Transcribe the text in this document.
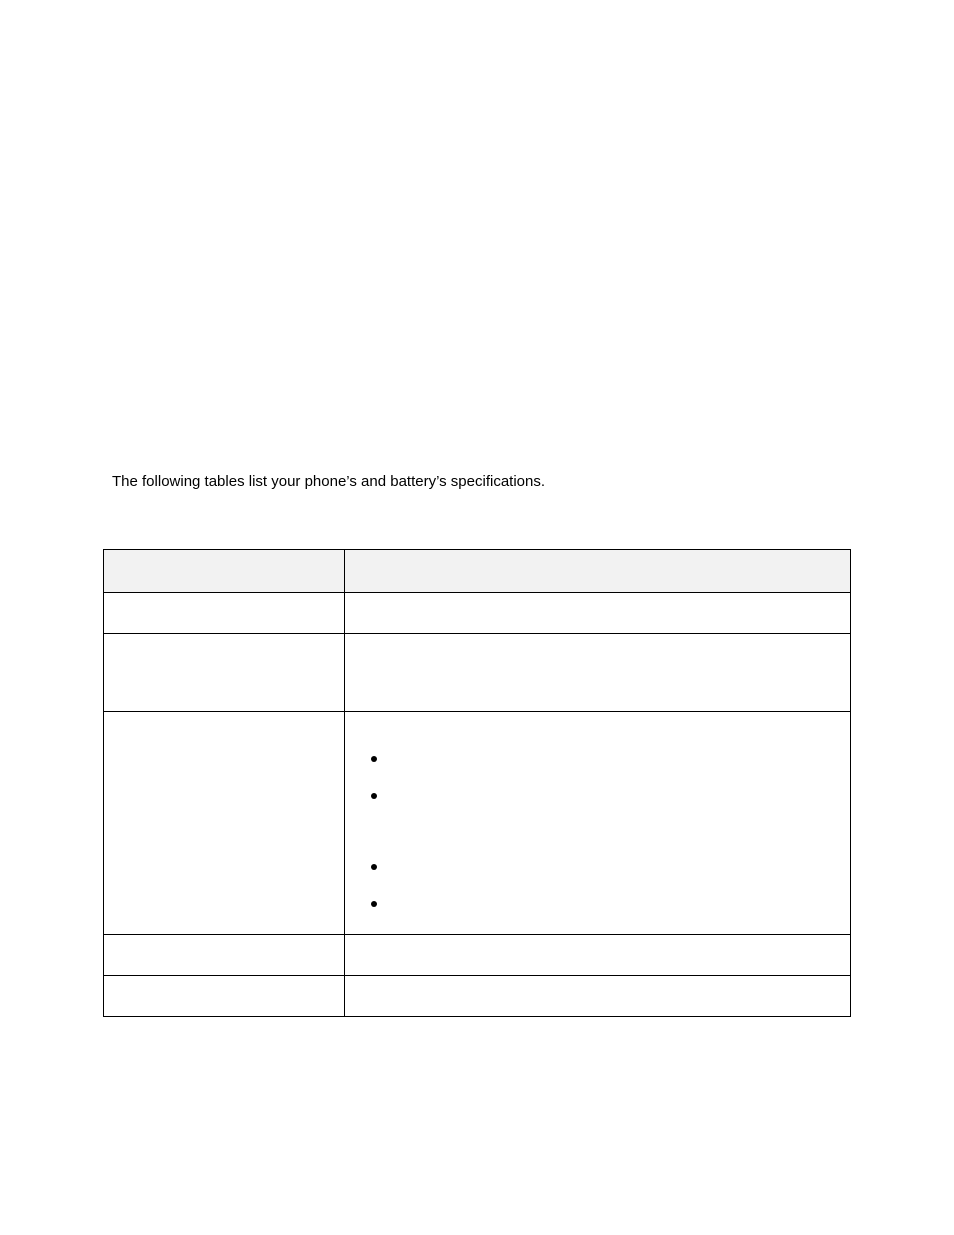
The following tables list your phone’s and battery’s specifications.
